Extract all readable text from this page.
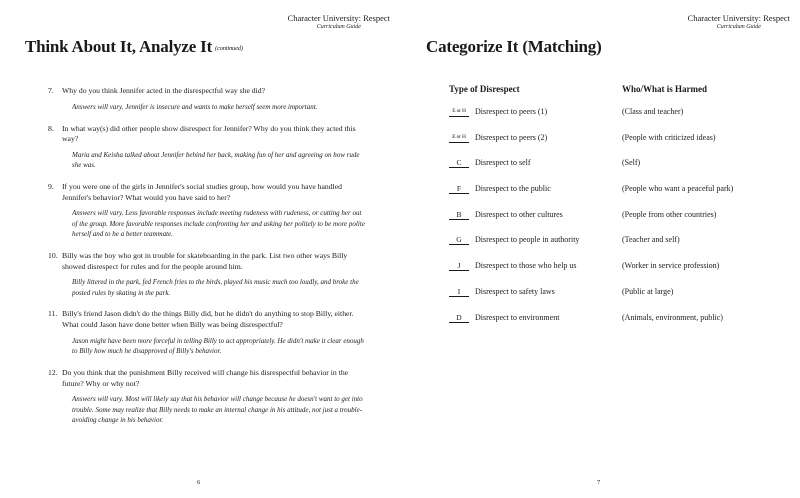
Character University: Respect
Curriculum Guide
Think About It, Analyze It (continued)
7. Why do you think Jennifer acted in the disrespectful way she did?
Answers will vary. Jennifer is insecure and wants to make herself seem more important.
8. In what way(s) did other people show disrespect for Jennifer? Why do you think they acted this way?
Maria and Keisha talked about Jennifer behind her back, making fun of her and agreeing on how rude she was.
9. If you were one of the girls in Jennifer's social studies group, how would you have handled Jennifer's behavior? What would you have said to her?
Answers will vary. Less favorable responses include meeting rudeness with rudeness, or cutting her out of the group. More favorable responses include confronting her and asking her politely to be more polite herself and to be a better teammate.
10. Billy was the boy who got in trouble for skateboarding in the park. List two other ways Billy showed disrespect for rules and for the people around him.
Billy littered in the park, fed French fries to the birds, played his music much too loudly, and broke the posted rules by skating in the park.
11. Billy's friend Jason didn't do the things Billy did, but he didn't do anything to stop Billy, either. What could Jason have done better when Billy was being disrespectful?
Jason might have been more forceful in telling Billy to act appropriately. He didn't make it clear enough to Billy how much he disapproved of Billy's behavior.
12. Do you think that the punishment Billy received will change his disrespectful behavior in the future? Why or why not?
Answers will vary. Most will likely say that his behavior will change because he doesn't want to get into trouble. Some may realize that Billy needs to make an internal change in his attitude, not just a trouble-avoiding change in his behavior.
6
Character University: Respect
Curriculum Guide
Categorize It (Matching)
Type of Disrespect	Who/What is Harmed
E or H	Disrespect to peers (1)	(Class and teacher)
E or H	Disrespect to peers (2)	(People with criticized ideas)
C	Disrespect to self	(Self)
F	Disrespect to the public	(People who want a peaceful park)
B	Disrespect to other cultures	(People from other countries)
G	Disrespect to people in authority	(Teacher and self)
J	Disrespect to those who help us	(Worker in service profession)
I	Disrespect to safety laws	(Public at large)
D	Disrespect to environment	(Animals, environment, public)
7
